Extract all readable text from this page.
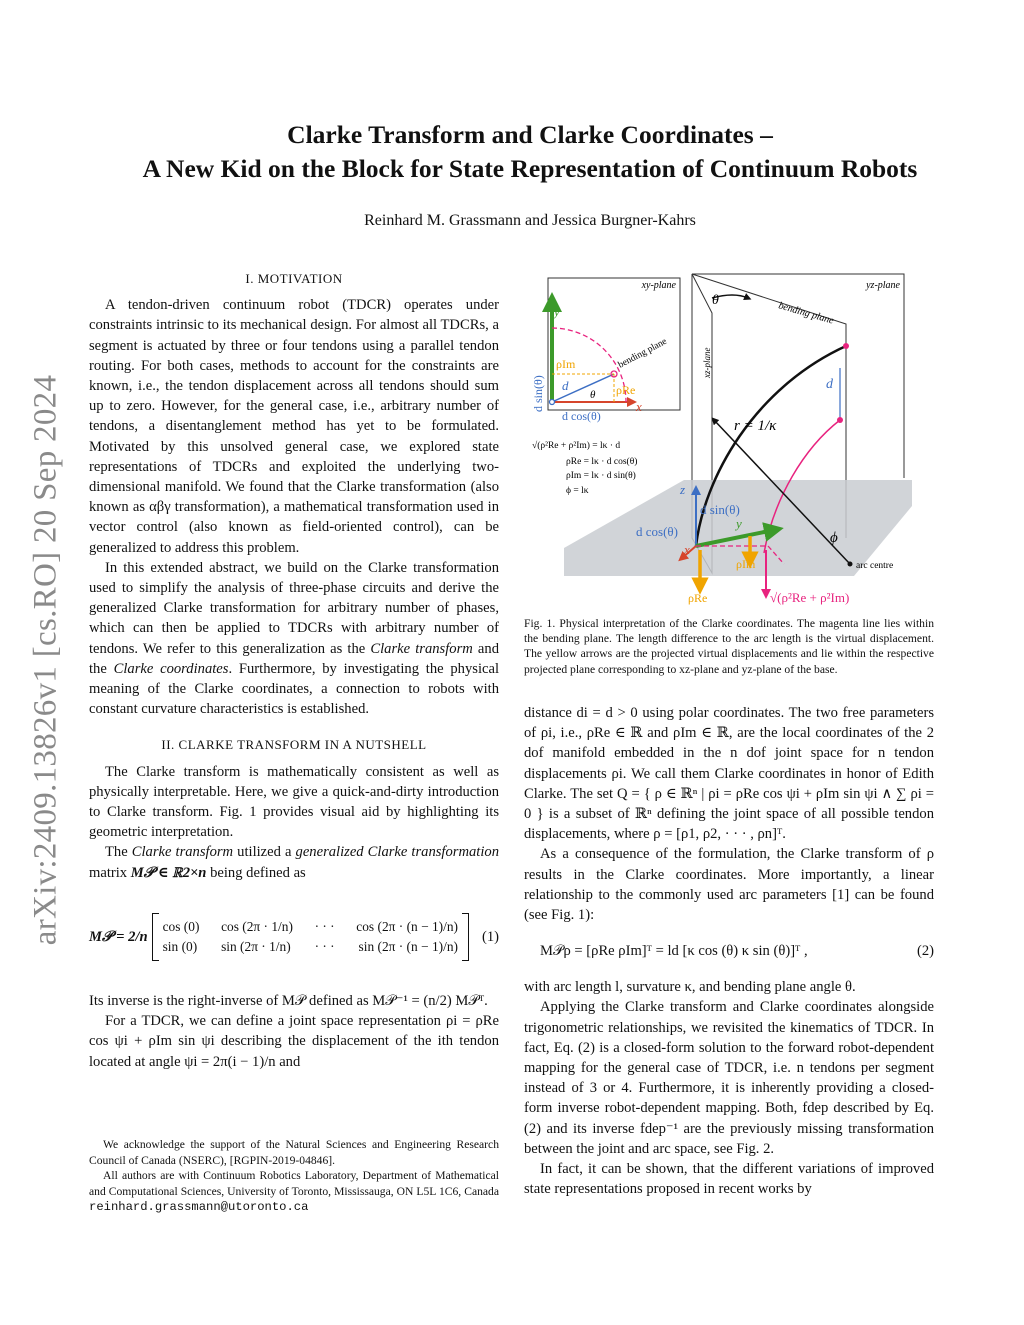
arXiv:2409.13826v1 [cs.RO] 20 Sep 2024
Clarke Transform and Clarke Coordinates –
A New Kid on the Block for State Representation of Continuum Robots
Reinhard M. Grassmann and Jessica Burgner-Kahrs
I. MOTIVATION

A tendon-driven continuum robot (TDCR) operates under constraints intrinsic to its mechanical design. For almost all TDCRs, a segment is actuated by three or four tendons using a parallel tendon routing. For both cases, methods to account for the constraints are known, i.e., the tendon displacement across all tendons should sum up to zero. However, for the general case, i.e., arbitrary number of tendons, a disentanglement method has yet to be formulated. Motivated by this unsolved general case, we explored state representations of TDCRs and exploited the underlying two-dimensional manifold. We found that the Clarke transformation (also known as αβγ transformation), a mathematical transformation used in vector control (also known as field-oriented control), can be generalized to address this problem.

In this extended abstract, we build on the Clarke transformation used to simplify the analysis of three-phase circuits and derive the generalized Clarke transformation for arbitrary number of phases, which can then be applied to TDCRs with arbitrary number of tendons. We refer to this generalization as the Clarke transform and the Clarke coordinates. Furthermore, by investigating the physical meaning of the Clarke coordinates, a connection to robots with constant curvature characteristics is established.

II. CLARKE TRANSFORM IN A NUTSHELL

The Clarke transform is mathematically consistent as well as physically interpretable. Here, we give a quick-and-dirty introduction to Clarke transform. Fig. 1 provides visual aid by highlighting its geometric interpretation.

The Clarke transform utilized a generalized Clarke transformation matrix M𝒫 ∈ ℝ2×n being defined as

M𝒫 = 2/n
cos (0) cos (2π · 1/n) · · · cos (2π · (n − 1)/n)
sin (0) sin (2π · 1/n) · · · sin (2π · (n − 1)/n)
(1)

Its inverse is the right-inverse of M𝒫 defined as M𝒫⁻¹ = (n/2) M𝒫ᵀ.

For a TDCR, we can define a joint space representation ρi = ρRe cos ψi + ρIm sin ψi describing the displacement of the ith tendon located at angle ψi = 2π(i − 1)/n and

We acknowledge the support of the Natural Sciences and Engineering Research Council of Canada (NSERC), [RGPIN-2019-04846].

All authors are with Continuum Robotics Laboratory, Department of Mathematical and Computational Sciences, University of Toronto, Mississauga, ON L5L 1C6, Canada reinhard.grassmann@utoronto.ca

xy-plane
y
x
ρIm
ρRe
d
θ
d sin(θ)
d cos(θ)
bending plane
√(ρ²Re + ρ²Im) = lκ · d
ρRe = lκ · d cos(θ)
ρIm = lκ · d sin(θ)
ϕ = lκ
yz-plane
xz-plane
bending plane
θ
d
r = 1/κ
ϕ
arc centre
z
y
x
d sin(θ)
d cos(θ)
ρRe
ρIm
√(ρ²Re + ρ²Im)
Fig. 1. Physical interpretation of the Clarke coordinates. The magenta line lies within the bending plane. The length difference to the arc length is the virtual displacement. The yellow arrows are the projected virtual displacements and lie within the respective projected plane corresponding to xz-plane and yz-plane of the base.

distance di = d > 0 using polar coordinates. The two free parameters of ρi, i.e., ρRe ∈ ℝ and ρIm ∈ ℝ, are the local coordinates of the 2 dof manifold embedded in the n dof joint space for n tendon displacements ρi. We call them Clarke coordinates in honor of Edith Clarke. The set Q = { ρ ∈ ℝⁿ | ρi = ρRe cos ψi + ρIm sin ψi ∧ ∑ ρi = 0 } is a subset of ℝⁿ defining the joint space of all possible tendon displacements, where ρ = [ρ1, ρ2, · · · , ρn]ᵀ.

As a consequence of the formulation, the Clarke transform of ρ results in the Clarke coordinates. More importantly, a linear relationship to the commonly used arc parameters [1] can be found (see Fig. 1):

M𝒫ρ = [ρRe ρIm]ᵀ = ld [κ cos (θ) κ sin (θ)]ᵀ ,	(2)

with arc length l, survature κ, and bending plane angle θ.

Applying the Clarke transform and Clarke coordinates alongside trigonometric relationships, we revisited the kinematics of TDCR. In fact, Eq. (2) is a closed-form solution to the forward robot-dependent mapping for the general case of TDCR, i.e. n tendons per segment instead of 3 or 4. Furthermore, it is inherently providing a closed-form inverse robot-dependent mapping. Both, fdep described by Eq. (2) and its inverse fdep⁻¹ are the previously missing transformation between the joint and arc space, see Fig. 2.

In fact, it can be shown, that the different variations of improved state representations proposed in recent works by
